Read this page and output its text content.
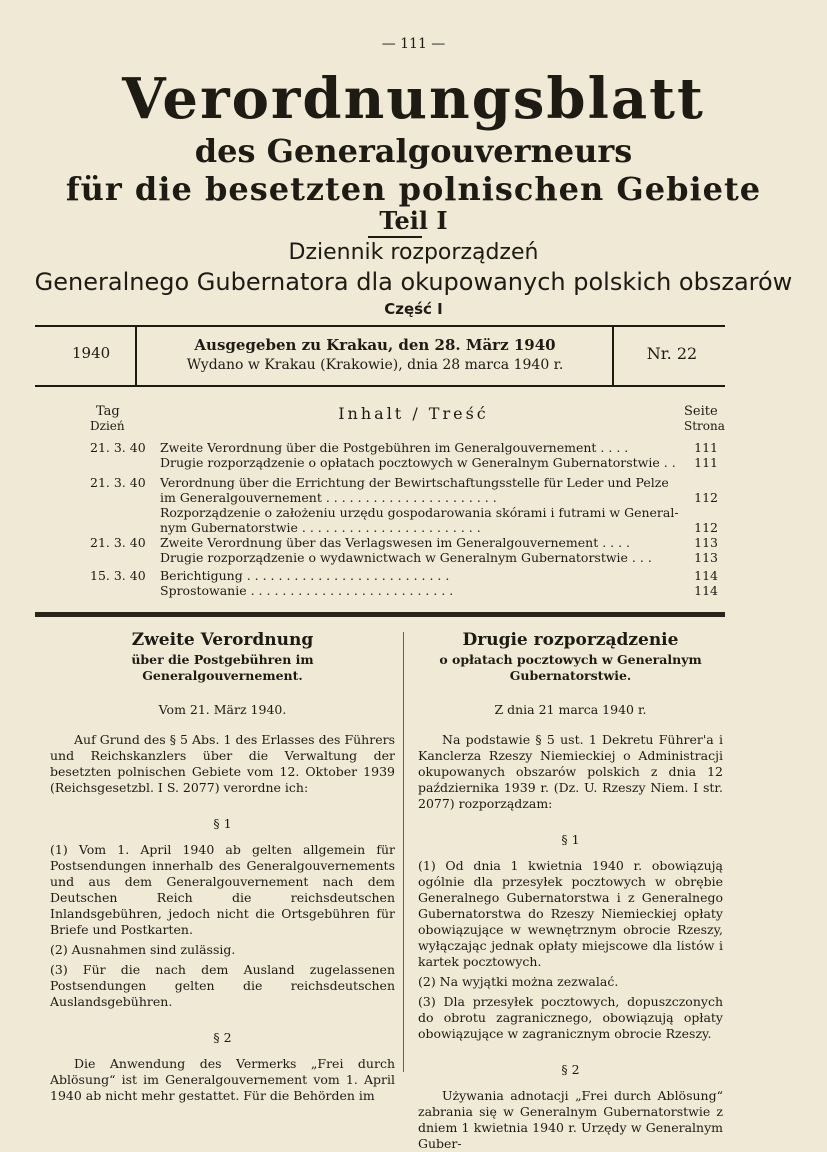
— 111 —
Verordnungsblatt
des Generalgouverneurs
für die besetzten polnischen Gebiete
Teil I
Dziennik rozporządzeń
Generalnego Gubernatora dla okupowanych polskich obszarów
Część I
1940	Ausgegeben zu Krakau, den 28. März 1940
Wydano w Krakau (Krakowie), dnia 28 marca 1940 r.
Nr. 22
Tag
Dzień
Inhalt / Treść	Seite
Strona
21. 3. 40	Zweite Verordnung über die Postgebühren im Generalgouvernement . . . .	111
Drugie rozporządzenie o opłatach pocztowych w Generalnym Gubernatorstwie . .	111
21. 3. 40	Verordnung über die Errichtung der Bewirtschaftungsstelle für Leder und Pelze
im Generalgouvernement . . . . . . . . . . . . . . . . . . . . . .	112
Rozporządzenie o założeniu urzędu gospodarowania skórami i futrami w General-
nym Gubernatorstwie . . . . . . . . . . . . . . . . . . . . . . .	112
21. 3. 40	Zweite Verordnung über das Verlagswesen im Generalgouvernement . . . .	113
Drugie rozporządzenie o wydawnictwach w Generalnym Gubernatorstwie . . .	113
15. 3. 40	Berichtigung . . . . . . . . . . . . . . . . . . . . . . . . . .	114
Sprostowanie . . . . . . . . . . . . . . . . . . . . . . . . . .	114
Zweite Verordnung
über die Postgebühren im Generalgouvernement.
Vom 21. März 1940.

Auf Grund des § 5 Abs. 1 des Erlasses des Führers und Reichskanzlers über die Verwaltung der besetzten polnischen Gebiete vom 12. Oktober 1939 (Reichsgesetzbl. I S. 2077) verordne ich:

§ 1

(1) Vom 1. April 1940 ab gelten allgemein für Postsendungen innerhalb des Generalgouvernements und aus dem Generalgouvernement nach dem Deutschen Reich die reichsdeutschen Inlandsgebühren, jedoch nicht die Ortsgebühren für Briefe und Postkarten.

(2) Ausnahmen sind zulässig.

(3) Für die nach dem Ausland zugelassenen Postsendungen gelten die reichsdeutschen Auslandsgebühren.

§ 2

Die Anwendung des Vermerks „Frei durch Ablösung“ ist im Generalgouvernement vom 1. April 1940 ab nicht mehr gestattet. Für die Behörden im

Drugie rozporządzenie
o opłatach pocztowych w Generalnym Gubernatorstwie.
Z dnia 21 marca 1940 r.

Na podstawie § 5 ust. 1 Dekretu Führer'a i Kanclerza Rzeszy Niemieckiej o Administracji okupowanych obszarów polskich z dnia 12 października 1939 r. (Dz. U. Rzeszy Niem. I str. 2077) rozporządzam:

§ 1

(1) Od dnia 1 kwietnia 1940 r. obowiązują ogólnie dla przesyłek pocztowych w obrębie Generalnego Gubernatorstwa i z Generalnego Gubernatorstwa do Rzeszy Niemieckiej opłaty obowiązujące w wewnętrznym obrocie Rzeszy, wyłączając jednak opłaty miejscowe dla listów i kartek pocztowych.

(2) Na wyjątki można zezwalać.

(3) Dla przesyłek pocztowych, dopuszczonych do obrotu zagranicznego, obowiązują opłaty obowiązujące w zagranicznym obrocie Rzeszy.

§ 2

Używania adnotacji „Frei durch Ablösung“ zabrania się w Generalnym Gubernatorstwie z dniem 1 kwietnia 1940 r. Urzędy w Generalnym Guber-
